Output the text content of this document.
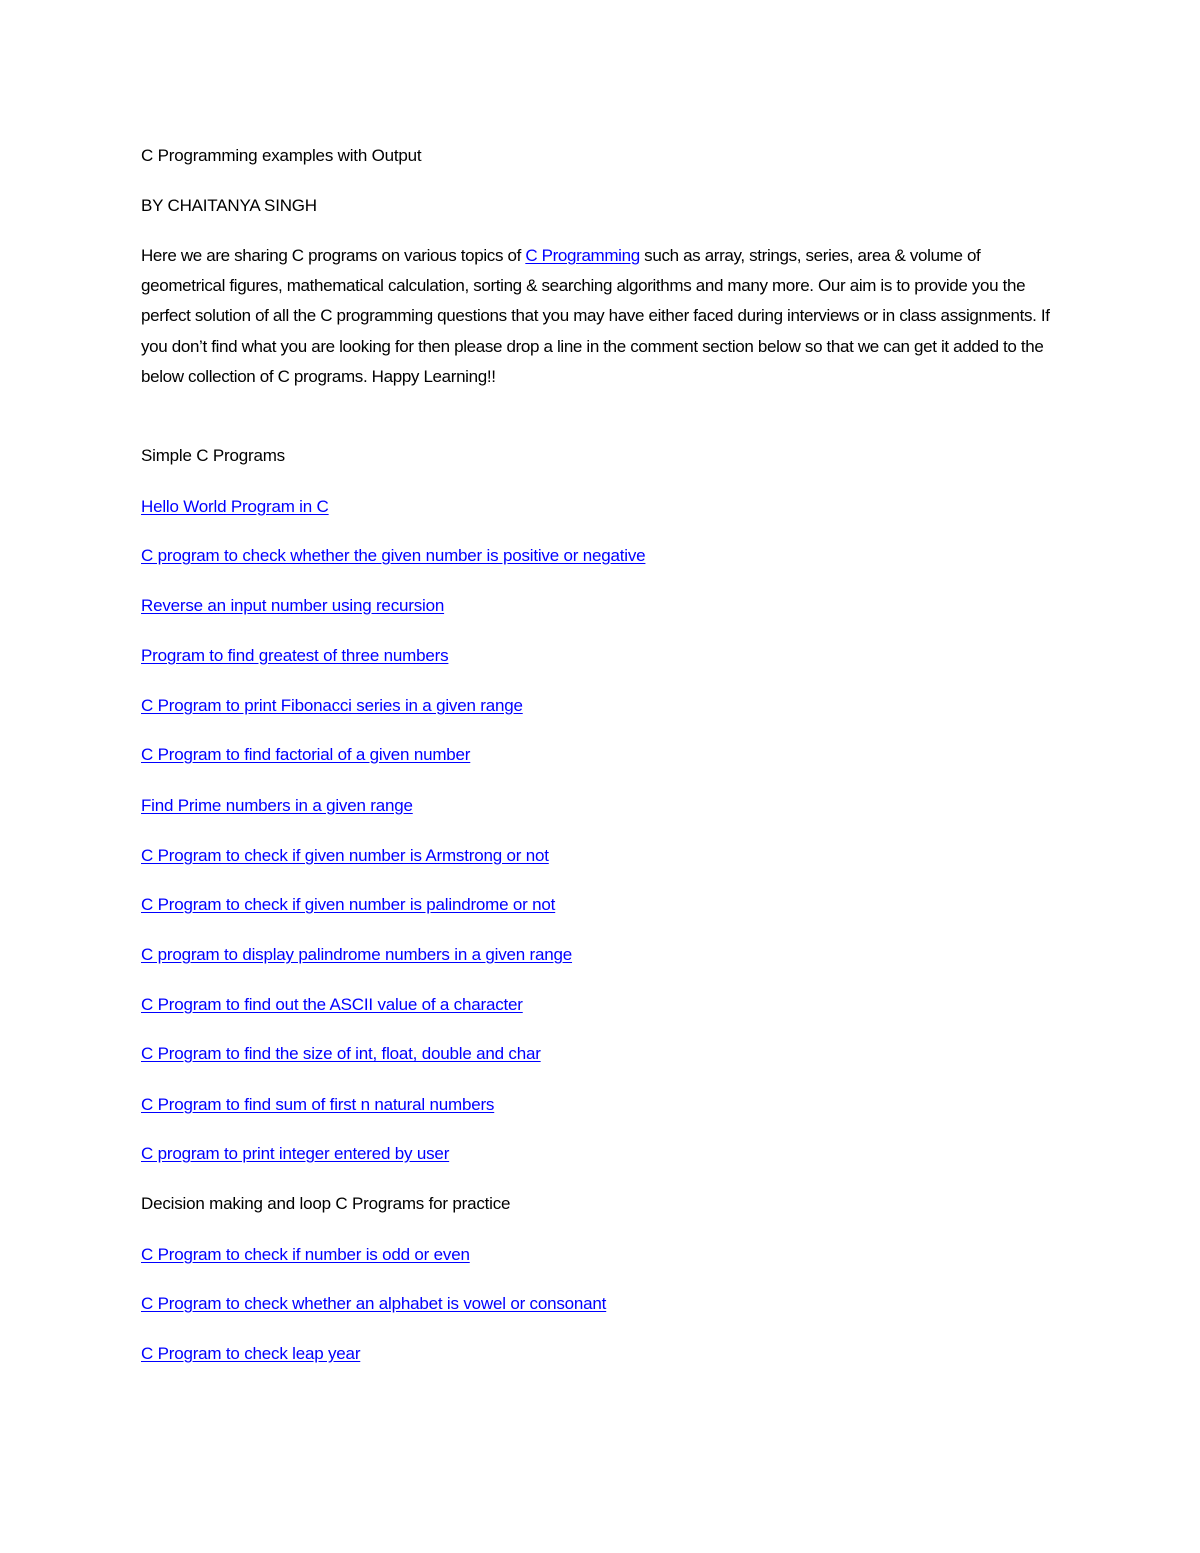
C Programming examples with Output
BY CHAITANYA SINGH
Here we are sharing C programs on various topics of C Programming such as array, strings, series, area & volume of geometrical figures, mathematical calculation, sorting & searching algorithms and many more. Our aim is to provide you the perfect solution of all the C programming questions that you may have either faced during interviews or in class assignments. If you don’t find what you are looking for then please drop a line in the comment section below so that we can get it added to the below collection of C programs. Happy Learning!!
Simple C Programs
Hello World Program in C
C program to check whether the given number is positive or negative
Reverse an input number using recursion
Program to find greatest of three numbers
C Program to print Fibonacci series in a given range
C Program to find factorial of a given number
Find Prime numbers in a given range
C Program to check if given number is Armstrong or not
C Program to check if given number is palindrome or not
C program to display palindrome numbers in a given range
C Program to find out the ASCII value of a character
C Program to find the size of int, float, double and char
C Program to find sum of first n natural numbers
C program to print integer entered by user
Decision making and loop C Programs for practice
C Program to check if number is odd or even
C Program to check whether an alphabet is vowel or consonant
C Program to check leap year
